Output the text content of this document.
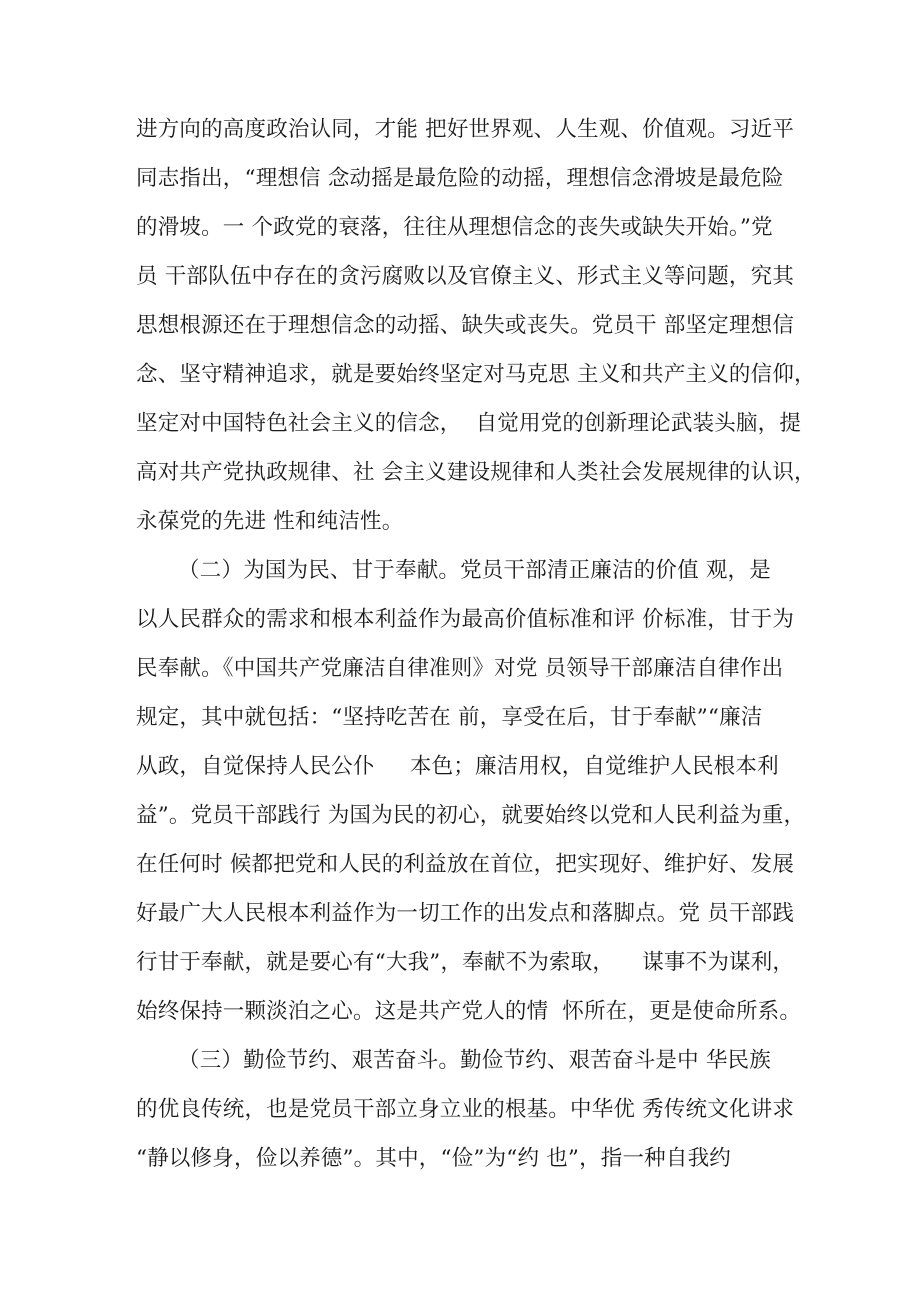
进方向的高度政治认同，才能 把好世界观、人生观、价值观。习近平
同志指出，“理想信 念动摇是最危险的动摇，理想信念滑坡是最危险
的滑坡。一 个政党的衰落，往往从理想信念的丧失或缺失开始。”党
员 干部队伍中存在的贪污腐败以及官僚主义、形式主义等问题，究其
思想根源还在于理想信念的动摇、缺失或丧失。党员干 部坚定理想信
念、坚守精神追求，就是要始终坚定对马克思 主义和共产主义的信仰，
坚定对中国特色社会主义的信念，  自觉用党的创新理论武装头脑，提
高对共产党执政规律、社 会主义建设规律和人类社会发展规律的认识，
永葆党的先进 性和纯洁性。
（二）为国为民、甘于奉献。党员干部清正廉洁的价值 观，是
以人民群众的需求和根本利益作为最高价值标准和评 价标准，甘于为
民奉献。《中国共产党廉洁自律准则》对党 员领导干部廉洁自律作出
规定，其中就包括：“坚持吃苦在 前，享受在后，甘于奉献”“廉洁
从政，自觉保持人民公仆     本色；廉洁用权，自觉维护人民根本利
益”。党员干部践行 为国为民的初心，就要始终以党和人民利益为重，
在任何时 候都把党和人民的利益放在首位，把实现好、维护好、发展
好最广大人民根本利益作为一切工作的出发点和落脚点。党 员干部践
行甘于奉献，就是要心有“大我”，奉献不为索取，    谋事不为谋利，
始终保持一颗淡泊之心。这是共产党人的情  怀所在，更是使命所系。
（三）勤俭节约、艰苦奋斗。勤俭节约、艰苦奋斗是中 华民族
的优良传统，也是党员干部立身立业的根基。中华优 秀传统文化讲求
“静以修身，俭以养德”。其中，“俭”为“约 也”，指一种自我约
